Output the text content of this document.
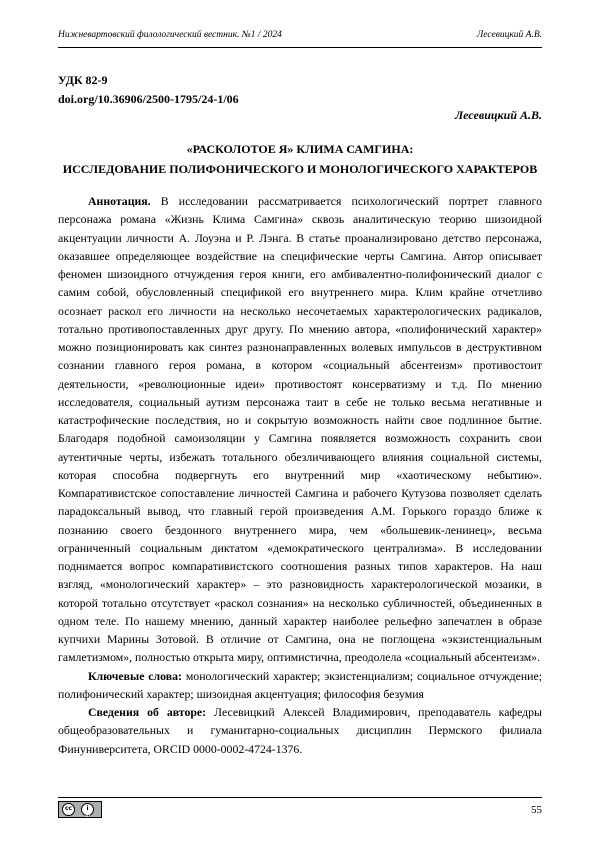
Нижневартовский филологический вестник. №1 / 2024	Лесевицкий А.В.
УДК 82-9
doi.org/10.36906/2500-1795/24-1/06
Лесевицкий А.В.
«РАСКОЛОТОЕ Я» КЛИМА САМГИНА:
ИССЛЕДОВАНИЕ ПОЛИФОНИЧЕСКОГО И МОНОЛОГИЧЕСКОГО ХАРАКТЕРОВ

Аннотация. В исследовании рассматривается психологический портрет главного персонажа романа «Жизнь Клима Самгина» сквозь аналитическую теорию шизоидной акцентуации личности А. Лоуэна и Р. Лэнга. В статье проанализировано детство персонажа, оказавшее определяющее воздействие на специфические черты Самгина. Автор описывает феномен шизоидного отчуждения героя книги, его амбивалентно-полифонический диалог с самим собой, обусловленный спецификой его внутреннего мира. Клим крайне отчетливо осознает раскол его личности на несколько несочетаемых характерологических радикалов, тотально противопоставленных друг другу. По мнению автора, «полифонический характер» можно позиционировать как синтез разнонаправленных волевых импульсов в деструктивном сознании главного героя романа, в котором «социальный абсентеизм» противостоит деятельности, «революционные идеи» противостоят консерватизму и т.д. По мнению исследователя, социальный аутизм персонажа таит в себе не только весьма негативные и катастрофические последствия, но и сокрытую возможность найти свое подлинное бытие. Благодаря подобной самоизоляции у Самгина появляется возможность сохранить свои аутентичные черты, избежать тотального обезличивающего влияния социальной системы, которая способна подвергнуть его внутренний мир «хаотическому небытию». Компаративистское сопоставление личностей Самгина и рабочего Кутузова позволяет сделать парадоксальный вывод, что главный герой произведения А.М. Горького гораздо ближе к познанию своего бездонного внутреннего мира, чем «большевик-ленинец», весьма ограниченный социальным диктатом «демократического централизма». В исследовании поднимается вопрос компаративистского соотношения разных типов характеров. На наш взгляд, «монологический характер» – это разновидность характерологической мозаики, в которой тотально отсутствует «раскол сознания» на несколько субличностей, объединенных в одном теле. По нашему мнению, данный характер наиболее рельефно запечатлен в образе купчихи Марины Зотовой. В отличие от Самгина, она не поглощена «экзистенциальным гамлетизмом», полностью открыта миру, оптимистична, преодолела «социальный абсентеизм».

Ключевые слова: монологический характер; экзистенциализм; социальное отчуждение; полифонический характер; шизоидная акцентуация; философия безумия

Сведения об авторе: Лесевицкий Алексей Владимирович, преподаватель кафедры общеобразовательных и гуманитарно-социальных дисциплин Пермского филиала Финуниверситета, ORCID 0000-0002-4724-1376.

cc	i
BY	55
